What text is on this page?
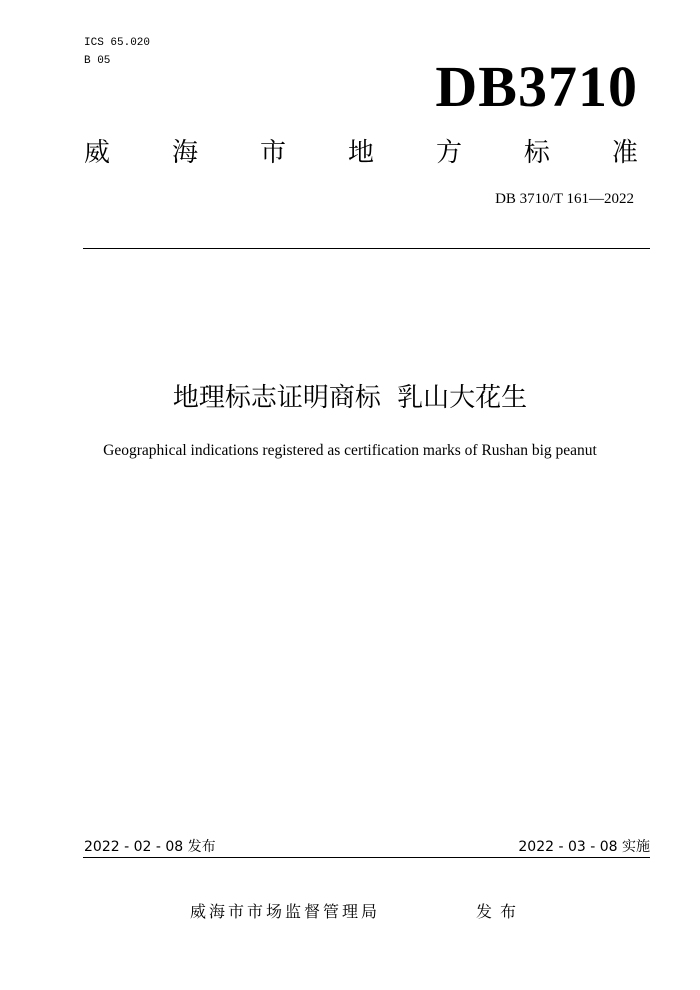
ICS 65.020
B 05	DB3710
威 海 市 地 方 标 准
DB 3710/T 161—2022
地理标志证明商标 乳山大花生
Geographical indications registered as certification marks of Rushan big peanut
2022 - 02 - 08 发布	2022 - 03 - 08 实施
威海市市场监督管理局	发布
